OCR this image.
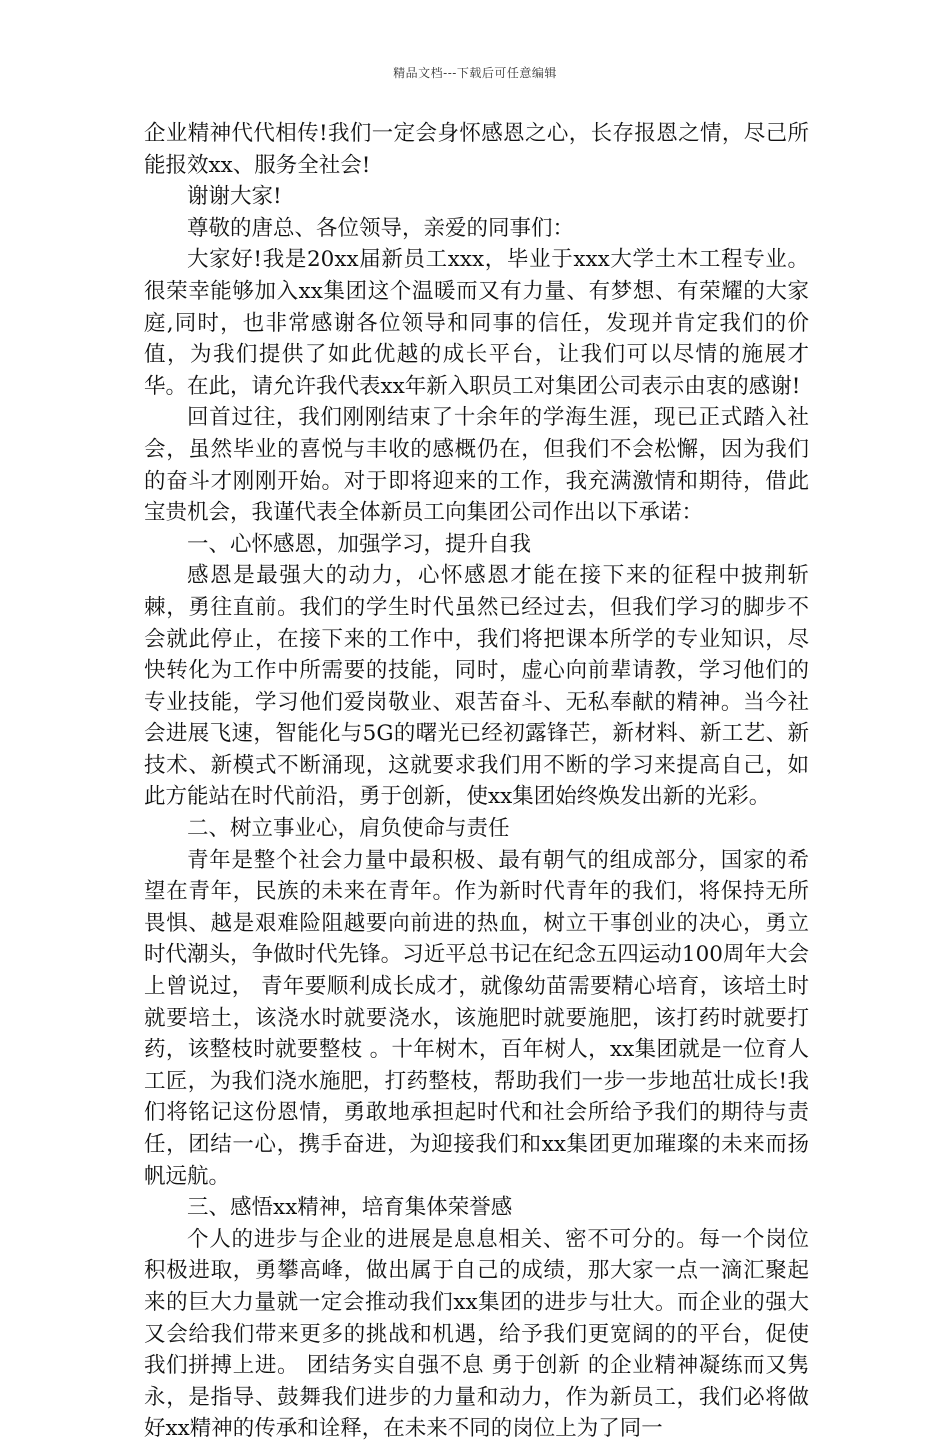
精品文档---下载后可任意编辑

企业精神代代相传!我们一定会身怀感恩之心，长存报恩之情，尽己所能报效xx、服务全社会!

谢谢大家!

尊敬的唐总、各位领导，亲爱的同事们：

大家好!我是20xx届新员工xxx，毕业于xxx大学土木工程专业。很荣幸能够加入xx集团这个温暖而又有力量、有梦想、有荣耀的大家庭,同时，也非常感谢各位领导和同事的信任，发现并肯定我们的价值，为我们提供了如此优越的成长平台，让我们可以尽情的施展才华。在此，请允许我代表xx年新入职员工对集团公司表示由衷的感谢!

回首过往，我们刚刚结束了十余年的学海生涯，现已正式踏入社会，虽然毕业的喜悦与丰收的感概仍在，但我们不会松懈，因为我们的奋斗才刚刚开始。对于即将迎来的工作，我充满激情和期待，借此宝贵机会，我谨代表全体新员工向集团公司作出以下承诺：

一、心怀感恩，加强学习，提升自我

感恩是最强大的动力，心怀感恩才能在接下来的征程中披荆斩棘，勇往直前。我们的学生时代虽然已经过去，但我们学习的脚步不会就此停止，在接下来的工作中，我们将把课本所学的专业知识，尽快转化为工作中所需要的技能，同时，虚心向前辈请教，学习他们的专业技能，学习他们爱岗敬业、艰苦奋斗、无私奉献的精神。当今社会进展飞速，智能化与5G的曙光已经初露锋芒，新材料、新工艺、新技术、新模式不断涌现，这就要求我们用不断的学习来提高自己，如此方能站在时代前沿，勇于创新，使xx集团始终焕发出新的光彩。

二、树立事业心，肩负使命与责任

青年是整个社会力量中最积极、最有朝气的组成部分，国家的希望在青年，民族的未来在青年。作为新时代青年的我们，将保持无所畏惧、越是艰难险阻越要向前进的热血，树立干事创业的决心，勇立时代潮头，争做时代先锋。习近平总书记在纪念五四运动100周年大会上曾说过， 青年要顺利成长成才，就像幼苗需要精心培育，该培土时就要培土，该浇水时就要浇水，该施肥时就要施肥，该打药时就要打药，该整枝时就要整枝 。十年树木，百年树人，xx集团就是一位育人工匠，为我们浇水施肥，打药整枝，帮助我们一步一步地茁壮成长!我们将铭记这份恩情，勇敢地承担起时代和社会所给予我们的期待与责任，团结一心，携手奋进，为迎接我们和xx集团更加璀璨的未来而扬帆远航。

三、感悟xx精神，培育集体荣誉感

个人的进步与企业的进展是息息相关、密不可分的。每一个岗位积极进取，勇攀高峰，做出属于自己的成绩，那大家一点一滴汇聚起来的巨大力量就一定会推动我们xx集团的进步与壮大。而企业的强大又会给我们带来更多的挑战和机遇，给予我们更宽阔的的平台，促使我们拼搏上进。 团结务实自强不息 勇于创新 的企业精神凝练而又隽永，是指导、鼓舞我们进步的力量和动力，作为新员工，我们必将做好xx精神的传承和诠释，在未来不同的岗位上为了同一
